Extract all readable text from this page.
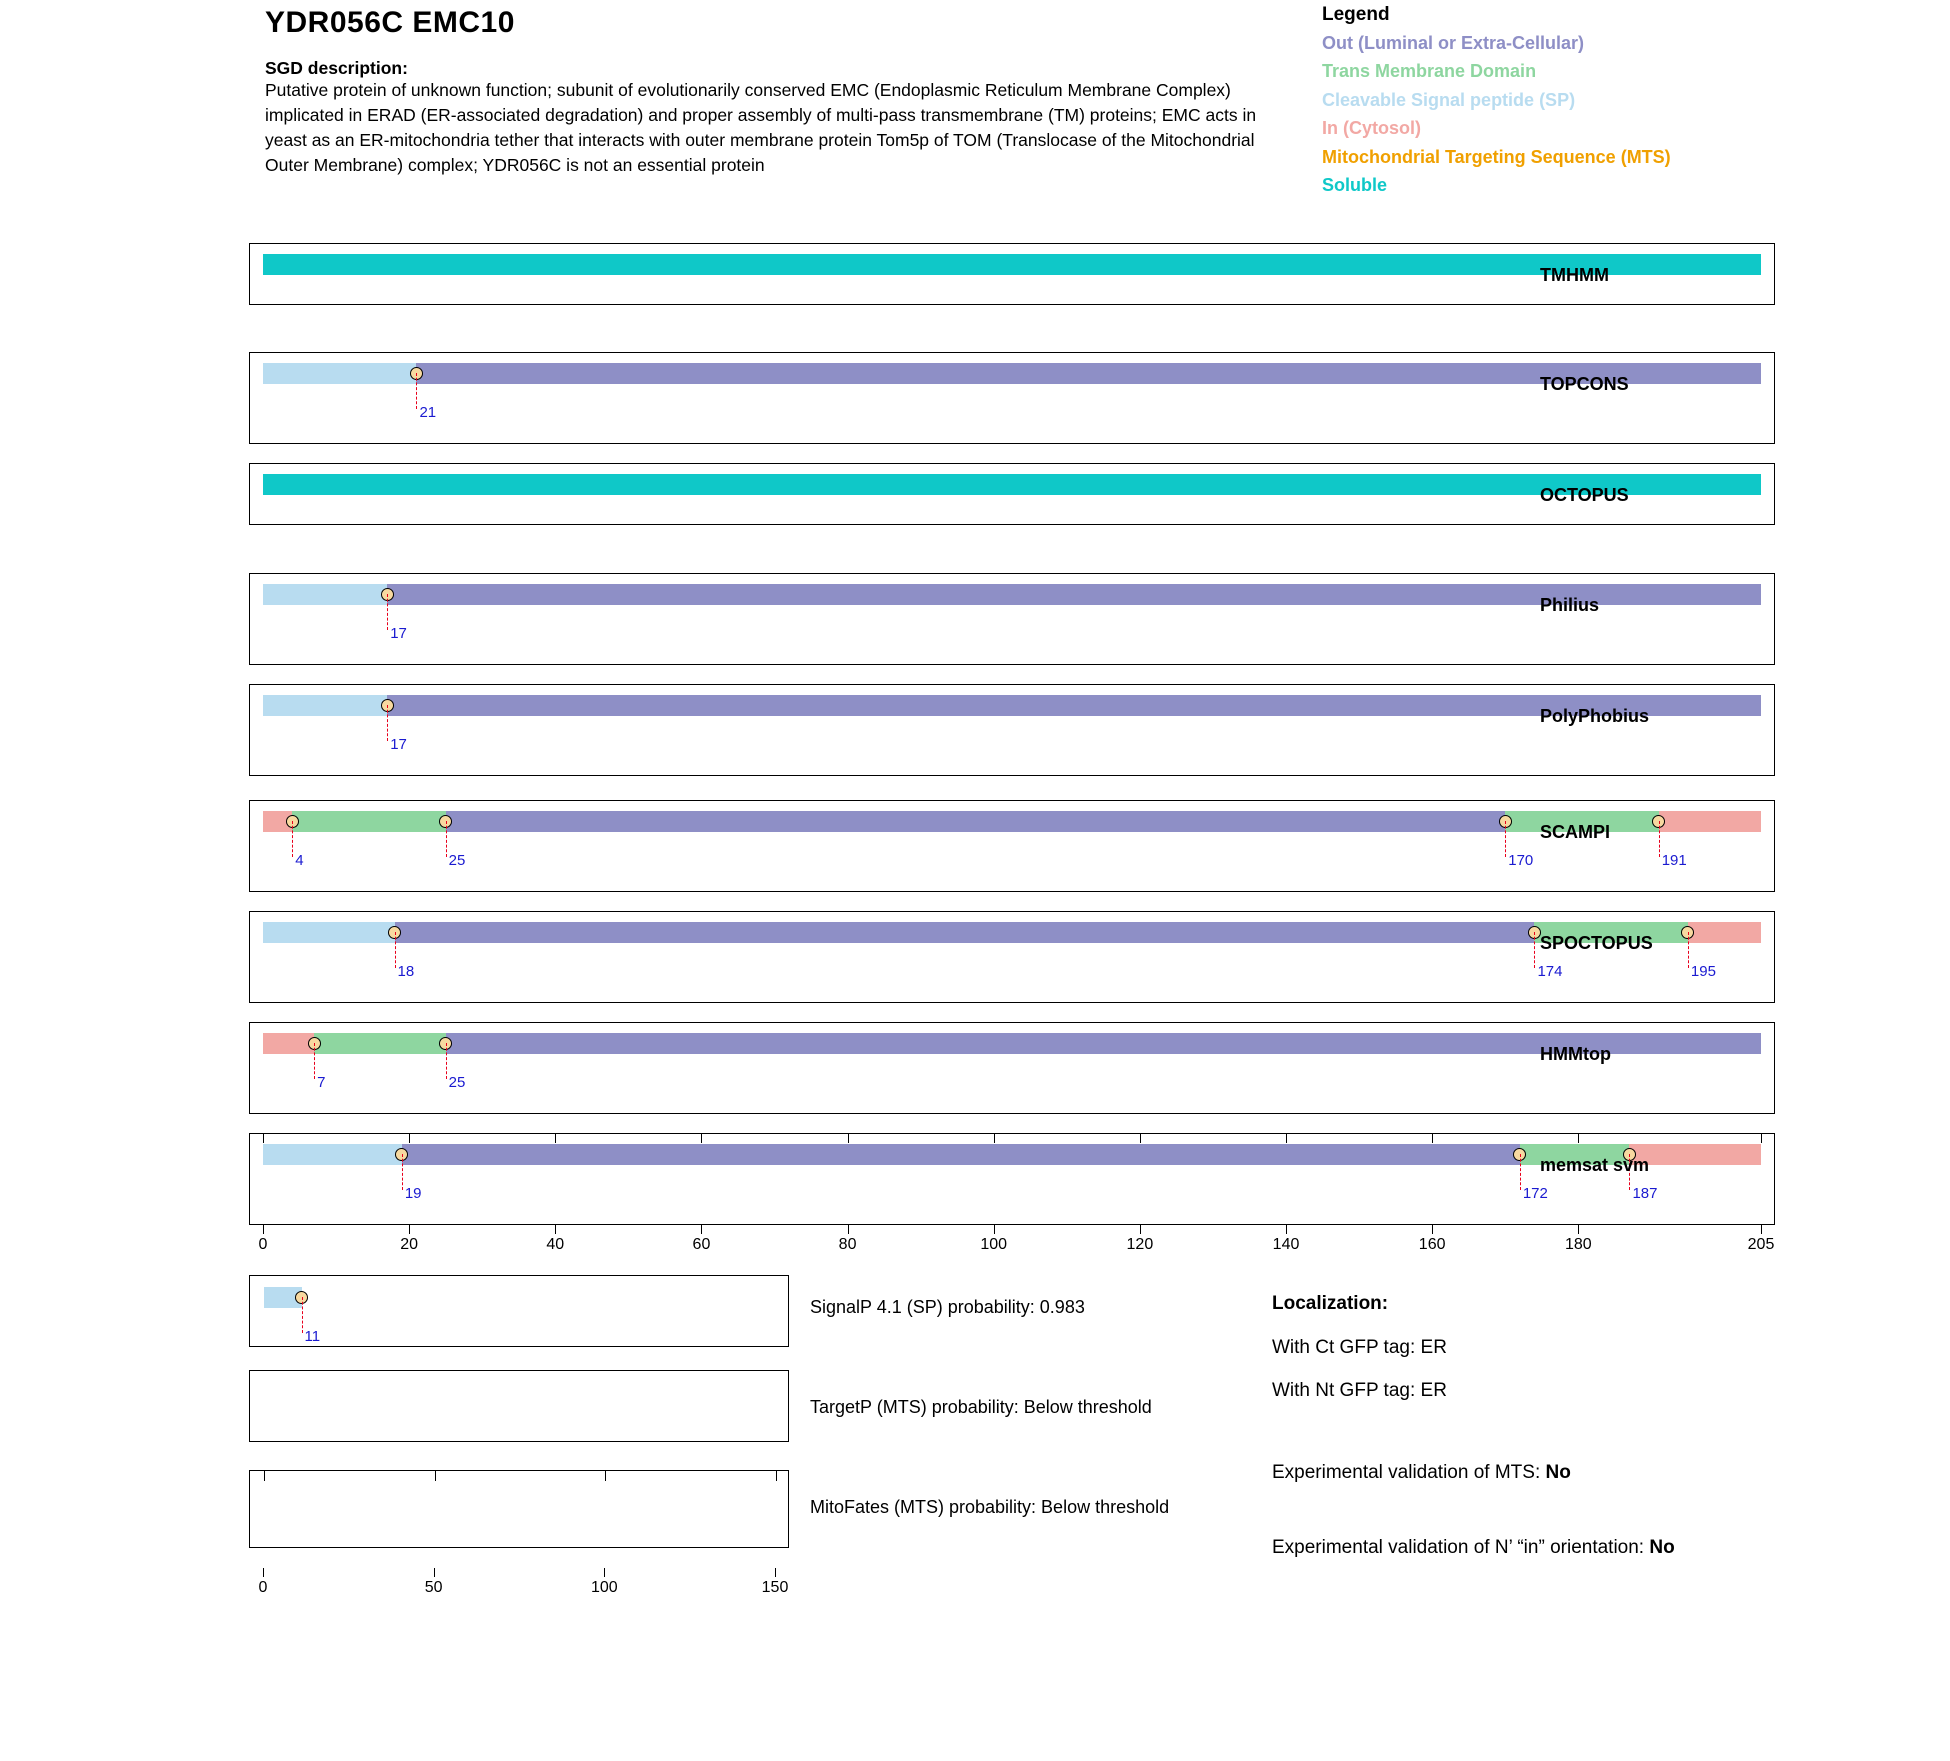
YDR056C EMC10
SGD description:
Putative protein of unknown function; subunit of evolutionarily conserved EMC (Endoplasmic Reticulum Membrane Complex) implicated in ERAD (ER-associated degradation) and proper assembly of multi-pass transmembrane (TM) proteins; EMC acts in yeast as an ER-mitochondria tether that interacts with outer membrane protein Tom5p of TOM (Translocase of the Mitochondrial Outer Membrane) complex; YDR056C is not an essential protein
Legend
Out (Luminal or Extra-Cellular)
Trans Membrane Domain
Cleavable Signal peptide (SP)
In (Cytosol)
Mitochondrial Targeting Sequence (MTS)
Soluble
TMHMM
21
TOPCONS
OCTOPUS
17
Philius
17
PolyPhobius
4	25	170	191
SCAMPI
18	174	195
SPOCTOPUS
7	25
HMMtop
19	172	187
memsat svm
0	20	40	60	80	100	120	140	160	180	205
11
SignalP 4.1 (SP) probability: 0.983
TargetP (MTS) probability: Below threshold
MitoFates (MTS) probability: Below threshold
0	50	100	150
Localization:
With Ct GFP tag: ER
With Nt GFP tag: ER
Experimental validation of MTS: No
Experimental validation of N’ “in” orientation: No
